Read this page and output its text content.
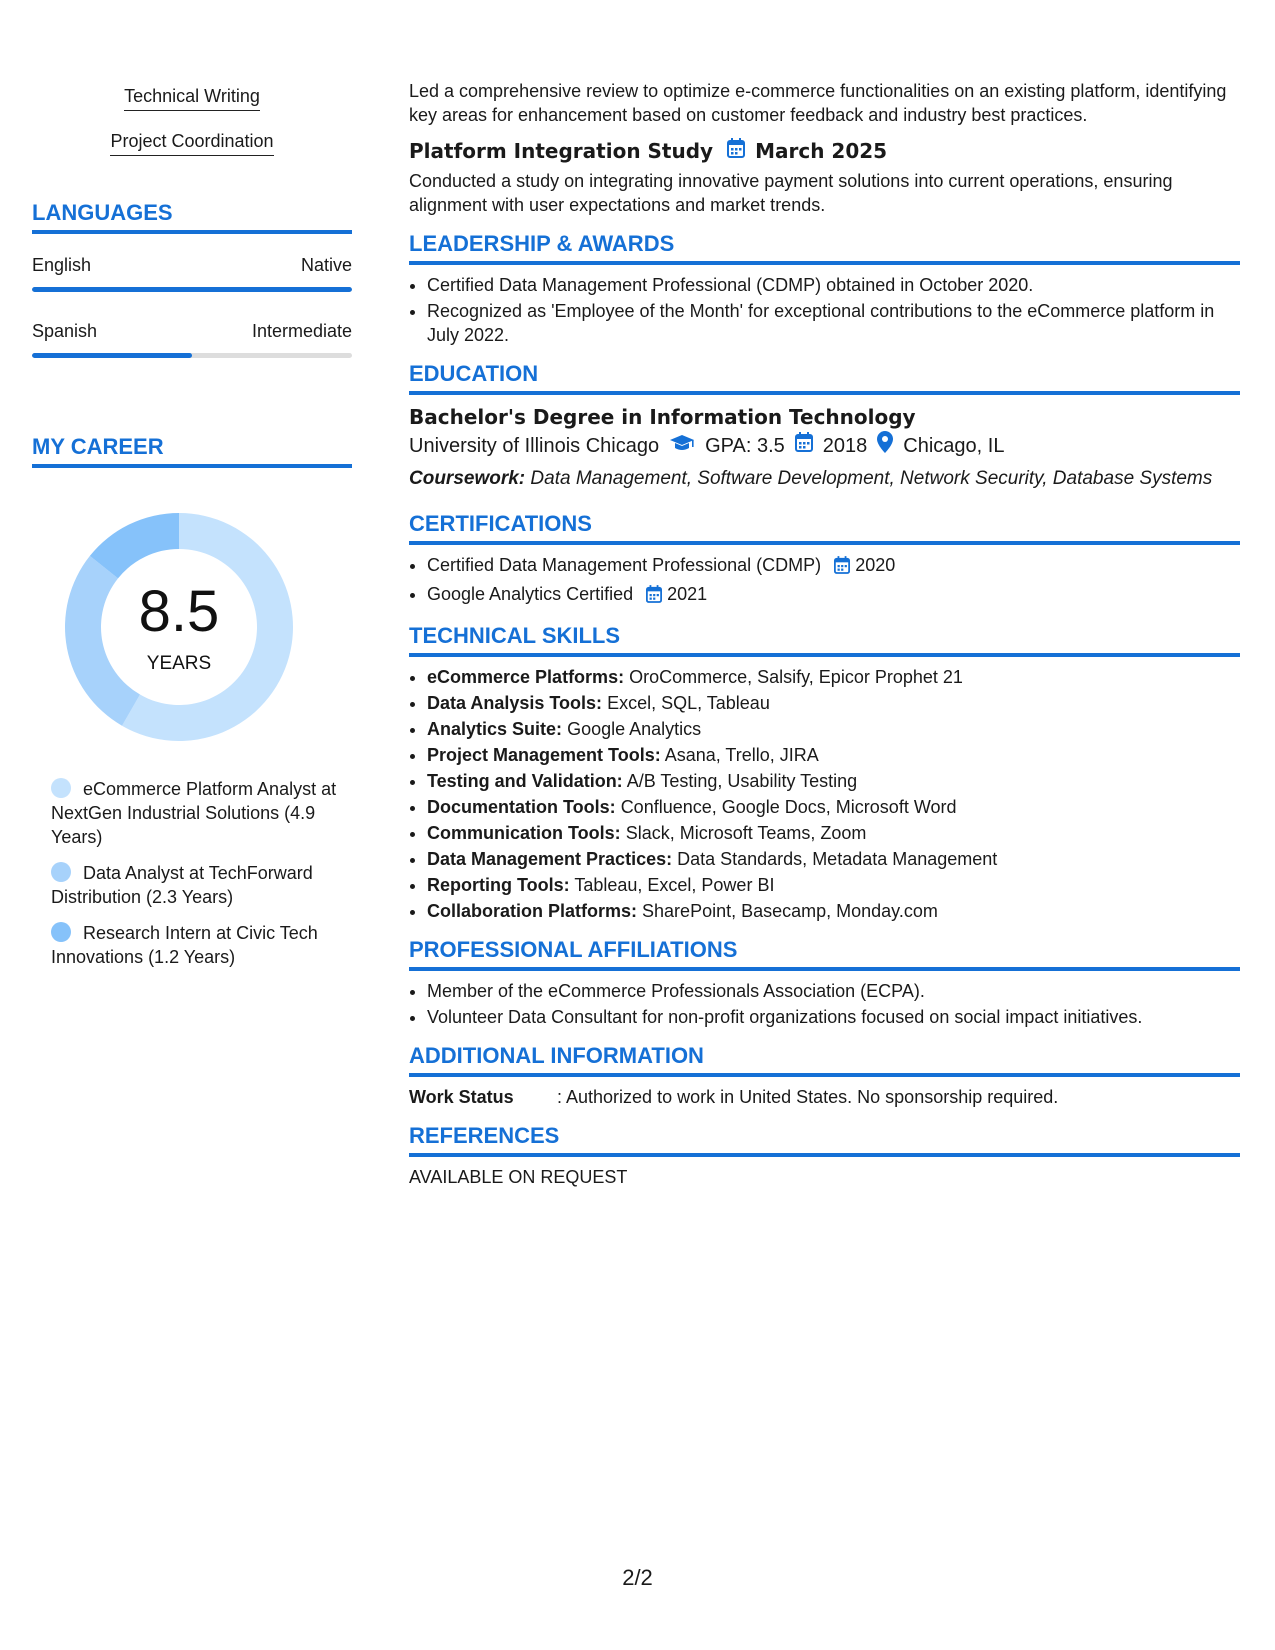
Technical Writing
Project Coordination
LANGUAGES
English	Native
Spanish	Intermediate
MY CAREER
8.5
YEARS
eCommerce Platform Analyst at NextGen Industrial Solutions (4.9 Years)
Data Analyst at TechForward Distribution (2.3 Years)
Research Intern at Civic Tech Innovations (1.2 Years)

Led a comprehensive review to optimize e-commerce functionalities on an existing platform, identifying key areas for enhancement based on customer feedback and industry best practices.

Platform Integration Study March 2025

Conducted a study on integrating innovative payment solutions into current operations, ensuring alignment with user expectations and market trends.

LEADERSHIP & AWARDS
• Certified Data Management Professional (CDMP) obtained in October 2020.
• Recognized as 'Employee of the Month' for exceptional contributions to the eCommerce platform in July 2022.
EDUCATION
Bachelor's Degree in Information Technology
University of Illinois Chicago GPA: 3.5 2018 Chicago, IL
Coursework: Data Management, Software Development, Network Security, Database Systems
CERTIFICATIONS
• Certified Data Management Professional (CDMP) 2020
• Google Analytics Certified 2021
TECHNICAL SKILLS
• eCommerce Platforms: OroCommerce, Salsify, Epicor Prophet 21
• Data Analysis Tools: Excel, SQL, Tableau
• Analytics Suite: Google Analytics
• Project Management Tools: Asana, Trello, JIRA
• Testing and Validation: A/B Testing, Usability Testing
• Documentation Tools: Confluence, Google Docs, Microsoft Word
• Communication Tools: Slack, Microsoft Teams, Zoom
• Data Management Practices: Data Standards, Metadata Management
• Reporting Tools: Tableau, Excel, Power BI
• Collaboration Platforms: SharePoint, Basecamp, Monday.com
PROFESSIONAL AFFILIATIONS
• Member of the eCommerce Professionals Association (ECPA).
• Volunteer Data Consultant for non-profit organizations focused on social impact initiatives.
ADDITIONAL INFORMATION
Work Status	: Authorized to work in United States. No sponsorship required.
REFERENCES

AVAILABLE ON REQUEST

2/2
